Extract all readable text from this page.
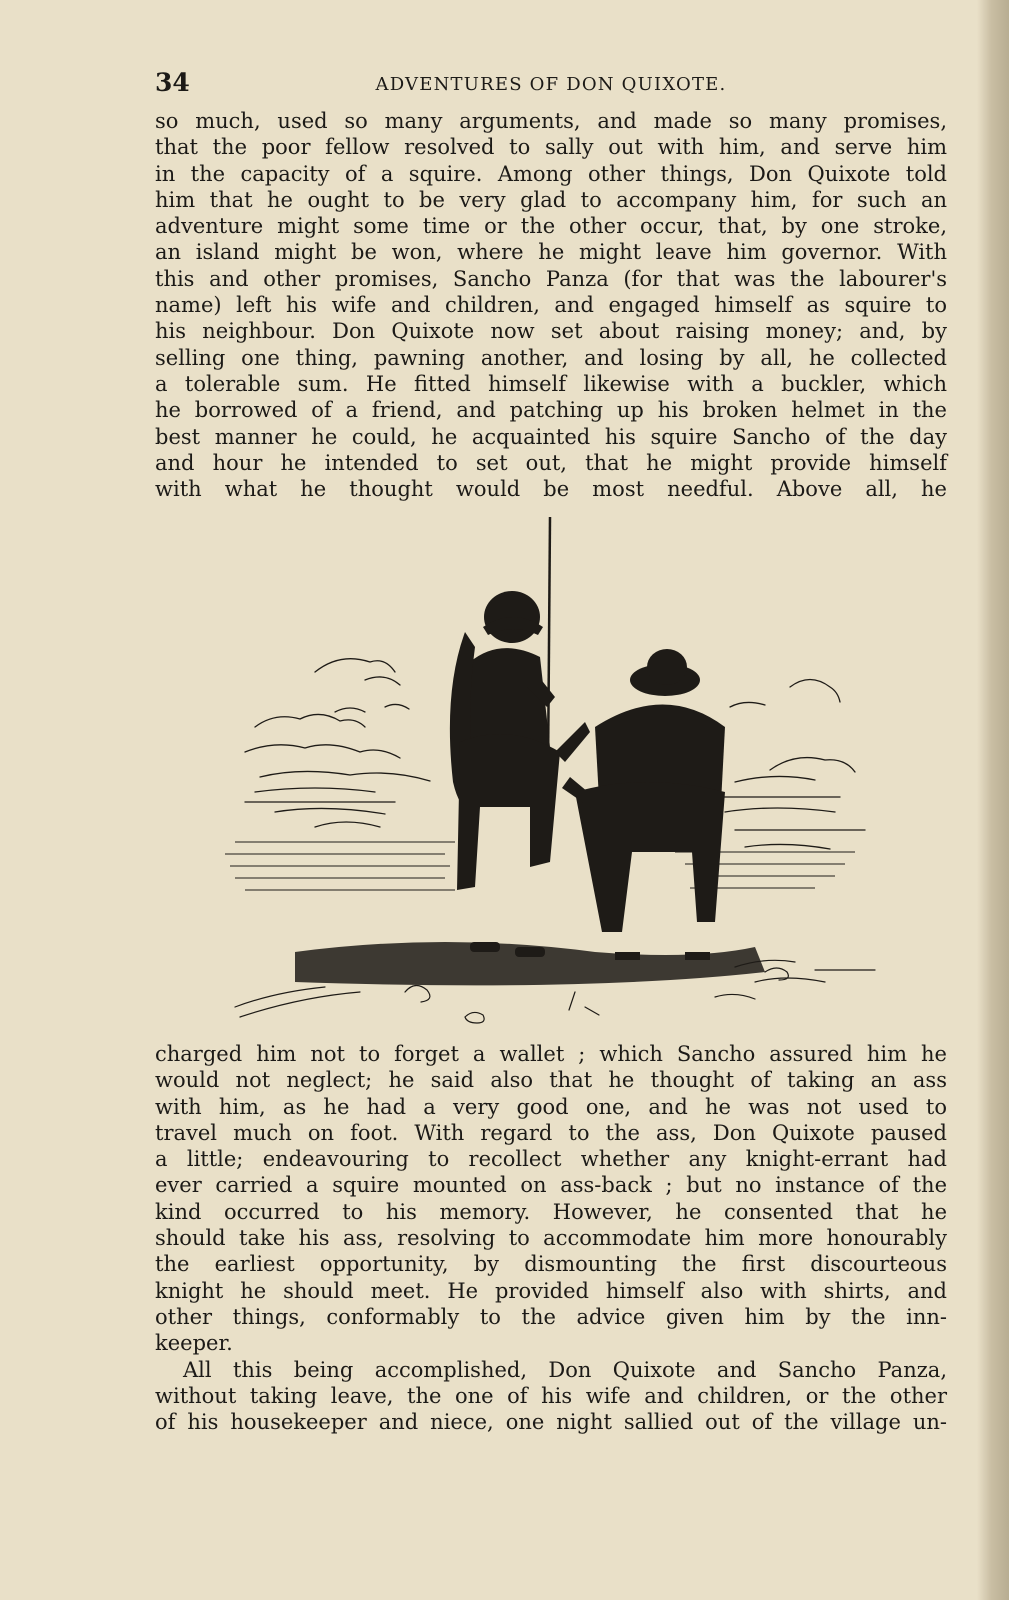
34	ADVENTURES OF DON QUIXOTE.
so much, used so many arguments, and made so many promises,
that the poor fellow resolved to sally out with him, and serve him
in the capacity of a squire. Among other things, Don Quixote told
him that he ought to be very glad to accompany him, for such an
adventure might some time or the other occur, that, by one stroke,
an island might be won, where he might leave him governor. With
this and other promises, Sancho Panza (for that was the labourer's
name) left his wife and children, and engaged himself as squire to
his neighbour. Don Quixote now set about raising money; and, by
selling one thing, pawning another, and losing by all, he collected
a tolerable sum. He fitted himself likewise with a buckler, which
he borrowed of a friend, and patching up his broken helmet in the
best manner he could, he acquainted his squire Sancho of the day
and hour he intended to set out, that he might provide himself
with what he thought would be most needful. Above all, he
charged him not to forget a wallet ; which Sancho assured him he
would not neglect; he said also that he thought of taking an ass
with him, as he had a very good one, and he was not used to
travel much on foot. With regard to the ass, Don Quixote paused
a little; endeavouring to recollect whether any knight-errant had
ever carried a squire mounted on ass-back ; but no instance of the
kind occurred to his memory. However, he consented that he
should take his ass, resolving to accommodate him more honourably
the earliest opportunity, by dismounting the first discourteous
knight he should meet. He provided himself also with shirts, and
other things, conformably to the advice given him by the inn-
keeper.
All this being accomplished, Don Quixote and Sancho Panza,
without taking leave, the one of his wife and children, or the other
of his housekeeper and niece, one night sallied out of the village un-
